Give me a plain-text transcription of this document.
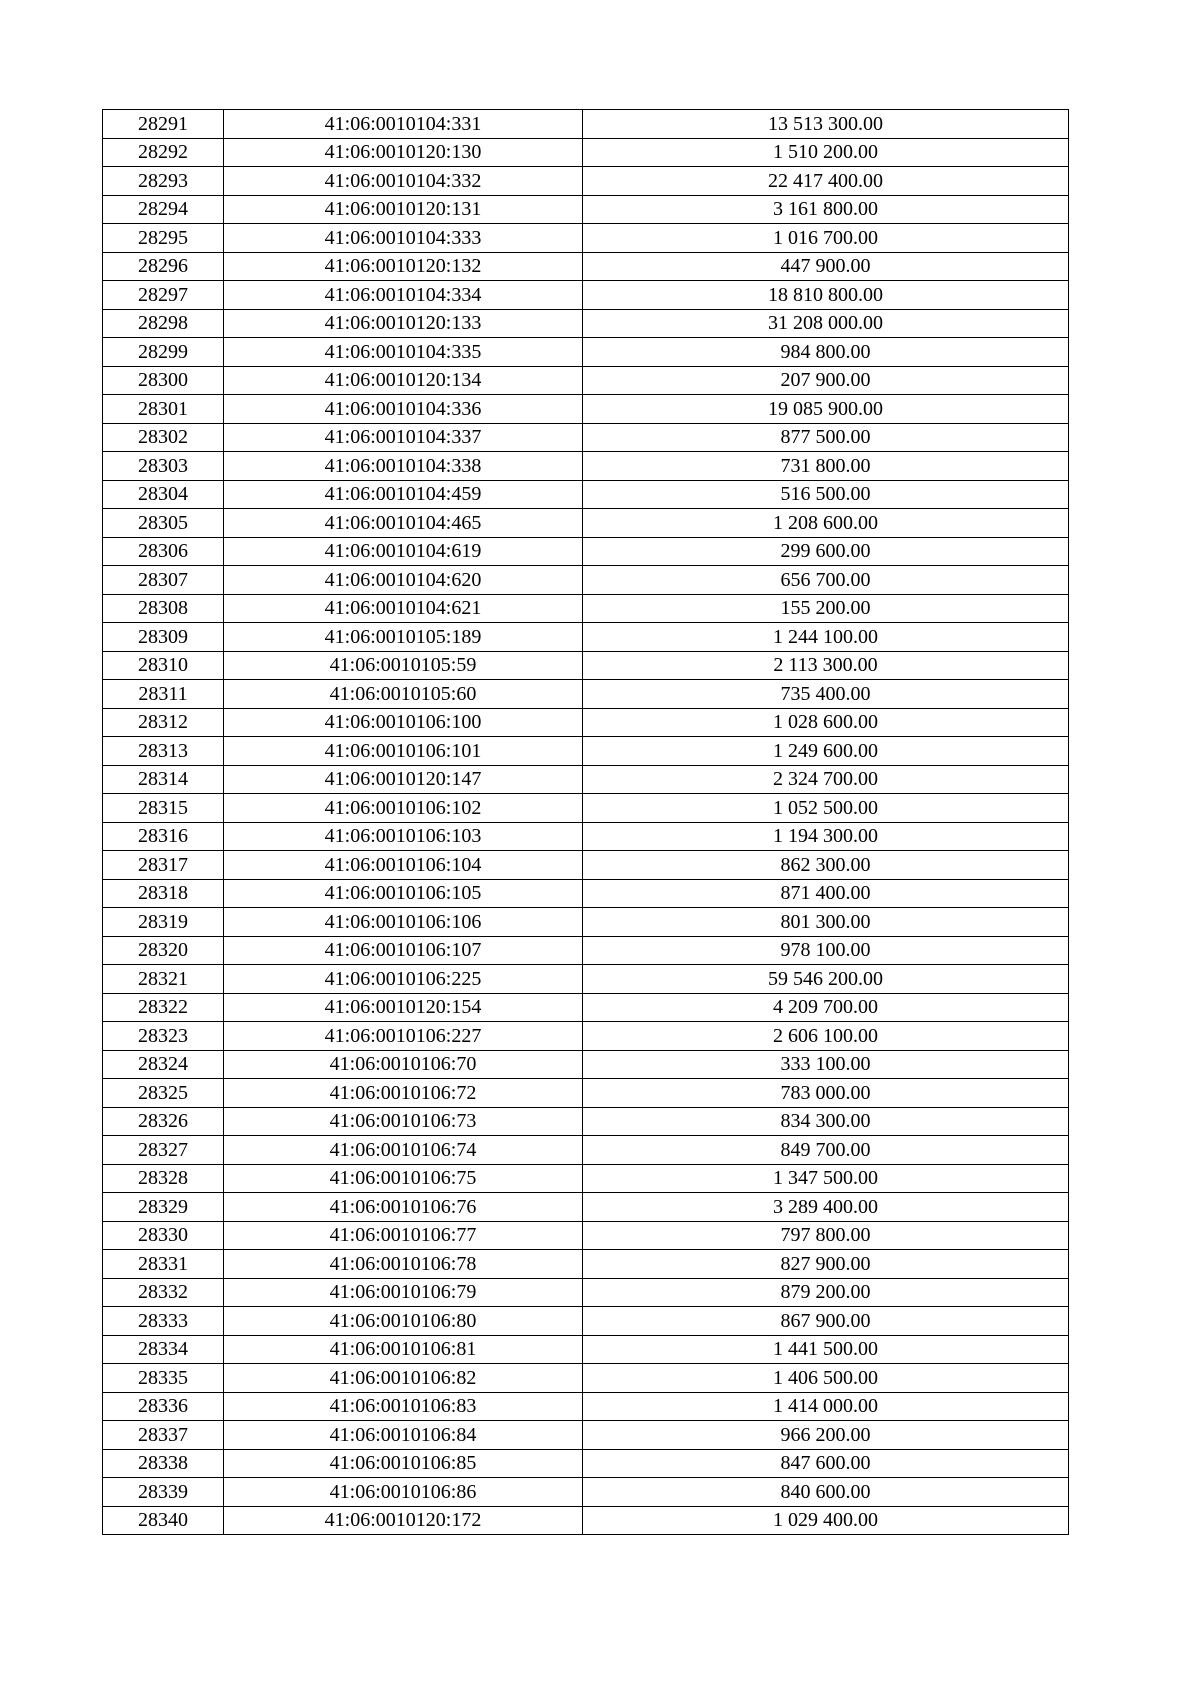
28291	41:06:0010104:331	13 513 300.00
28292	41:06:0010120:130	1 510 200.00
28293	41:06:0010104:332	22 417 400.00
28294	41:06:0010120:131	3 161 800.00
28295	41:06:0010104:333	1 016 700.00
28296	41:06:0010120:132	447 900.00
28297	41:06:0010104:334	18 810 800.00
28298	41:06:0010120:133	31 208 000.00
28299	41:06:0010104:335	984 800.00
28300	41:06:0010120:134	207 900.00
28301	41:06:0010104:336	19 085 900.00
28302	41:06:0010104:337	877 500.00
28303	41:06:0010104:338	731 800.00
28304	41:06:0010104:459	516 500.00
28305	41:06:0010104:465	1 208 600.00
28306	41:06:0010104:619	299 600.00
28307	41:06:0010104:620	656 700.00
28308	41:06:0010104:621	155 200.00
28309	41:06:0010105:189	1 244 100.00
28310	41:06:0010105:59	2 113 300.00
28311	41:06:0010105:60	735 400.00
28312	41:06:0010106:100	1 028 600.00
28313	41:06:0010106:101	1 249 600.00
28314	41:06:0010120:147	2 324 700.00
28315	41:06:0010106:102	1 052 500.00
28316	41:06:0010106:103	1 194 300.00
28317	41:06:0010106:104	862 300.00
28318	41:06:0010106:105	871 400.00
28319	41:06:0010106:106	801 300.00
28320	41:06:0010106:107	978 100.00
28321	41:06:0010106:225	59 546 200.00
28322	41:06:0010120:154	4 209 700.00
28323	41:06:0010106:227	2 606 100.00
28324	41:06:0010106:70	333 100.00
28325	41:06:0010106:72	783 000.00
28326	41:06:0010106:73	834 300.00
28327	41:06:0010106:74	849 700.00
28328	41:06:0010106:75	1 347 500.00
28329	41:06:0010106:76	3 289 400.00
28330	41:06:0010106:77	797 800.00
28331	41:06:0010106:78	827 900.00
28332	41:06:0010106:79	879 200.00
28333	41:06:0010106:80	867 900.00
28334	41:06:0010106:81	1 441 500.00
28335	41:06:0010106:82	1 406 500.00
28336	41:06:0010106:83	1 414 000.00
28337	41:06:0010106:84	966 200.00
28338	41:06:0010106:85	847 600.00
28339	41:06:0010106:86	840 600.00
28340	41:06:0010120:172	1 029 400.00
